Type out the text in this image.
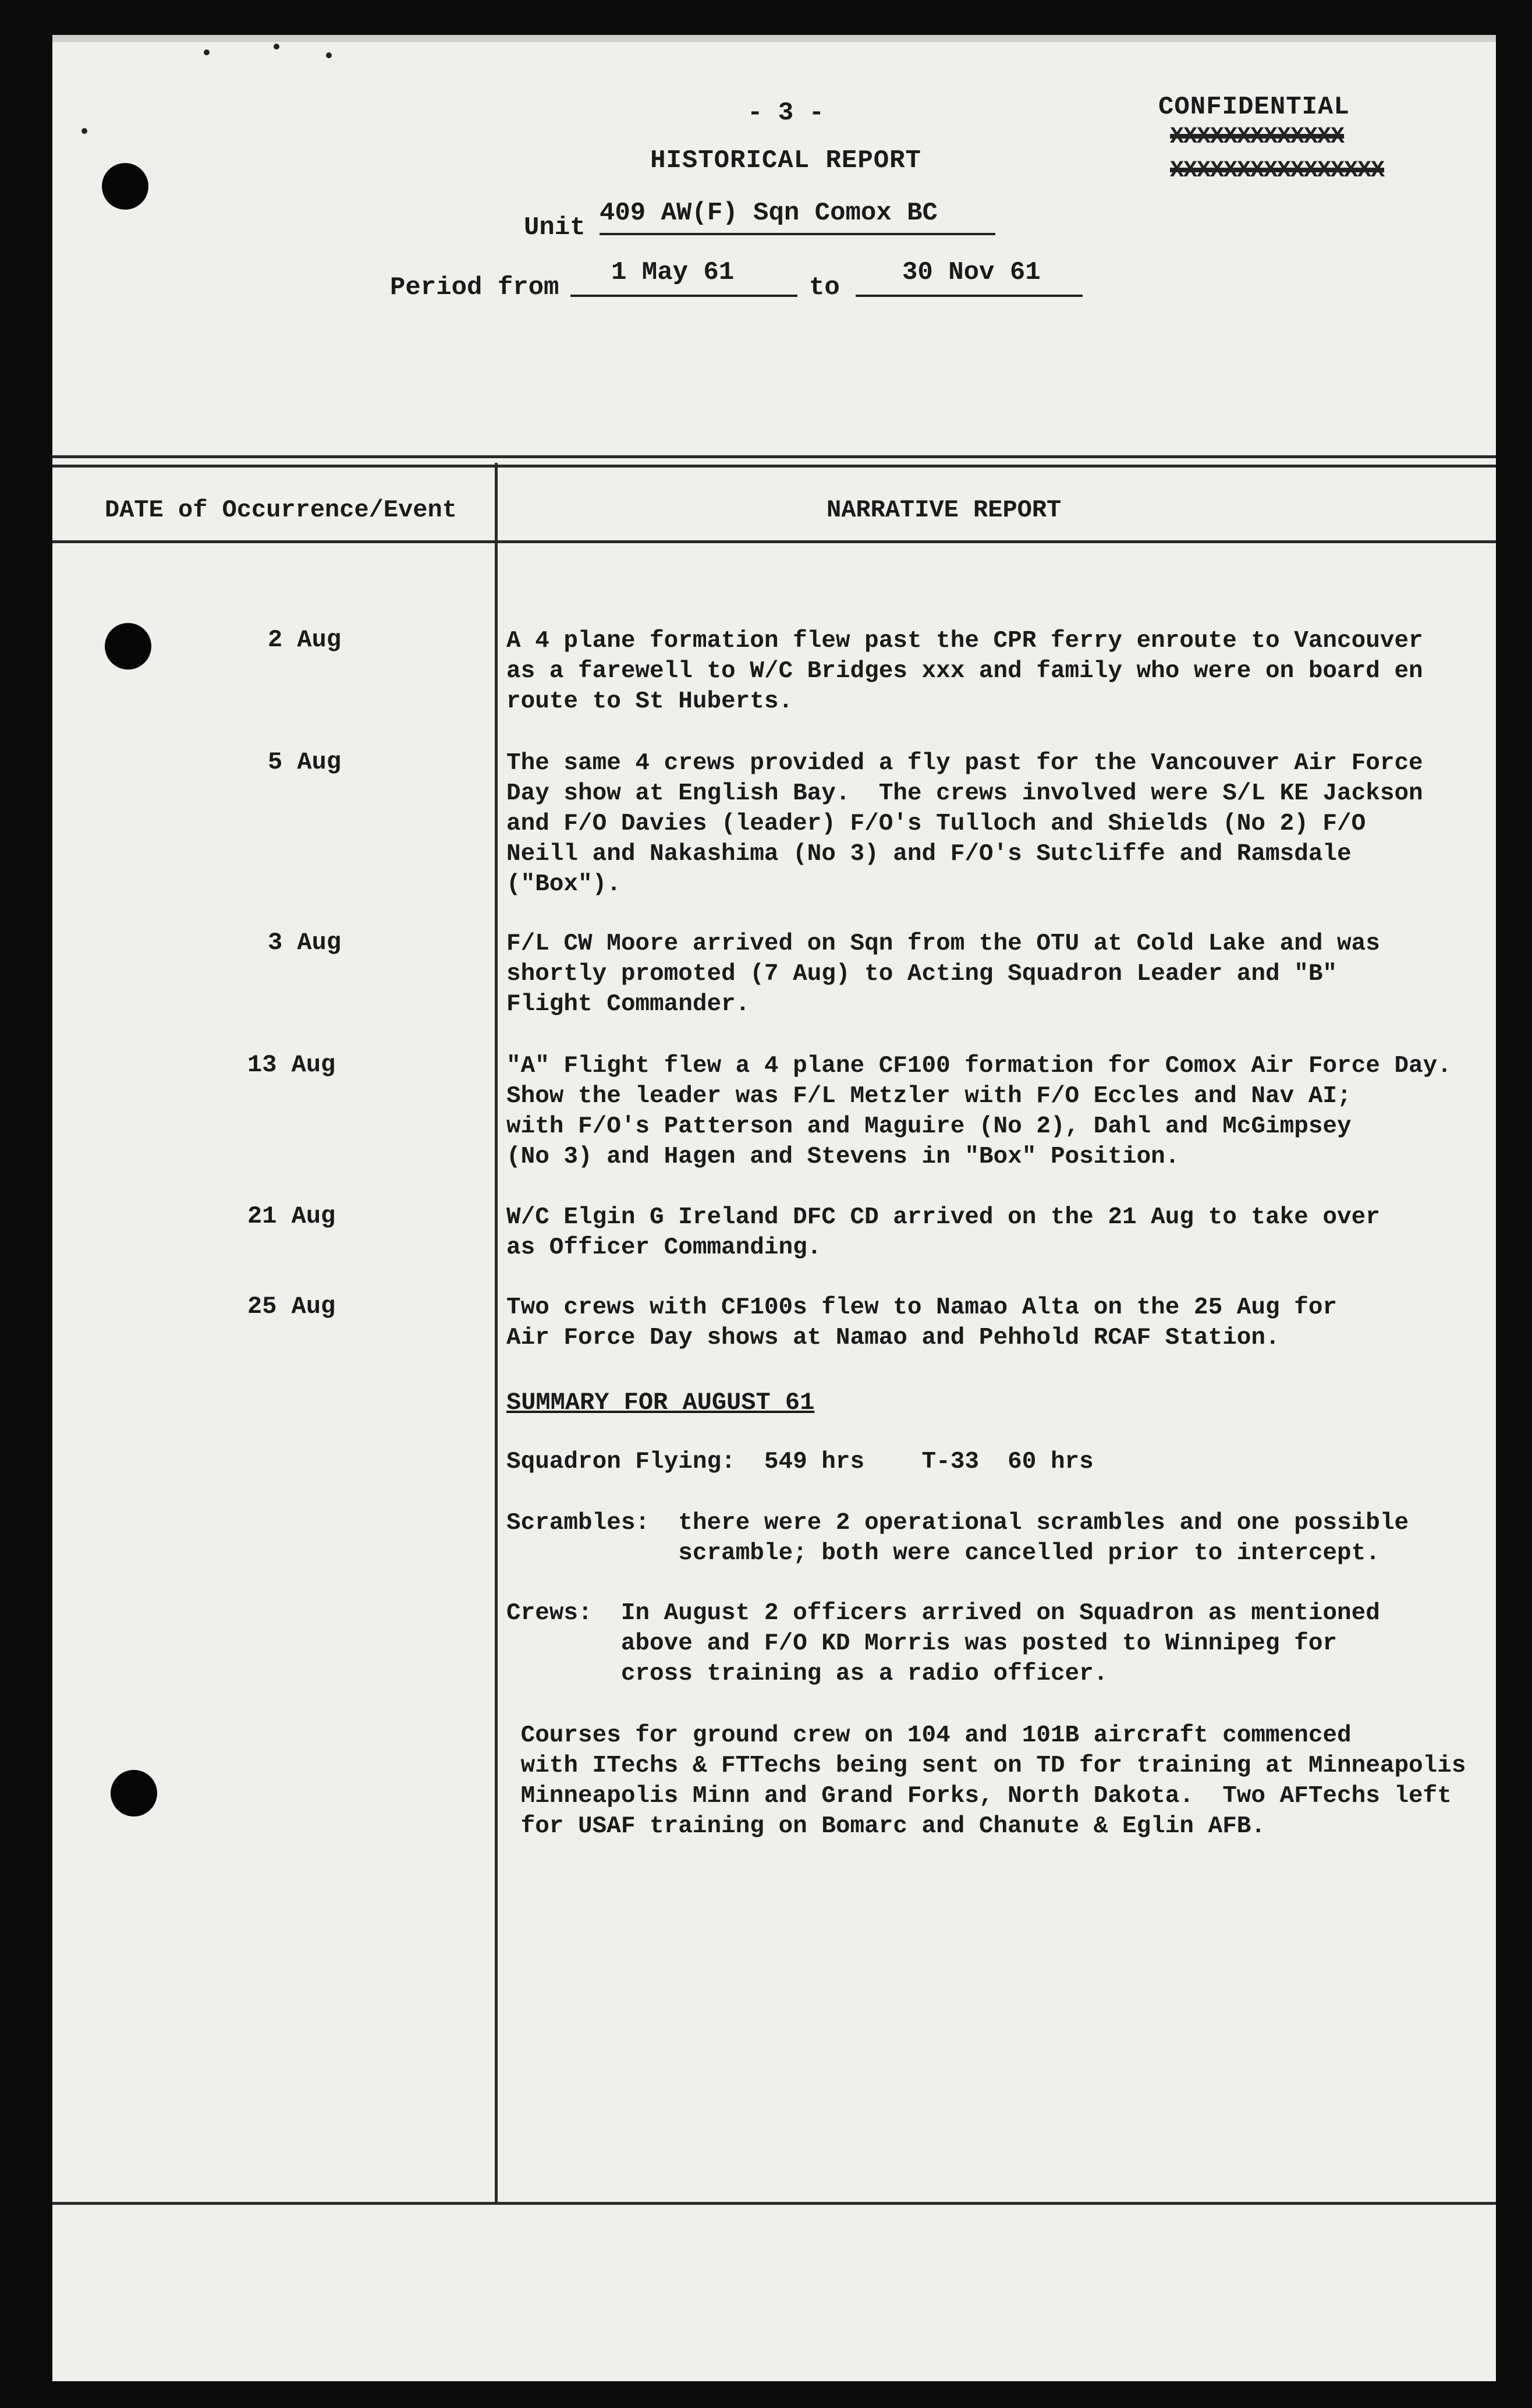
- 3 -
HISTORICAL REPORT
Unit 409 AW(F) Sqn Comox BC
Period from
1 May 61
to
30 Nov 61
CONFIDENTIAL
XXXXXXXXXXXXX
XXXXXXXXXXXXXXXX
DATE of Occurrence/Event	NARRATIVE REPORT
2 Aug	A 4 plane formation flew past the CPR ferry enroute to Vancouver
as a farewell to W/C Bridges xxx and family who were on board en
route to St Huberts.
5 Aug	The same 4 crews provided a fly past for the Vancouver Air Force
Day show at English Bay.  The crews involved were S/L KE Jackson
and F/O Davies (leader) F/O's Tulloch and Shields (No 2) F/O
Neill and Nakashima (No 3) and F/O's Sutcliffe and Ramsdale
("Box").
3 Aug	F/L CW Moore arrived on Sqn from the OTU at Cold Lake and was
shortly promoted (7 Aug) to Acting Squadron Leader and "B"
Flight Commander.
13 Aug	"A" Flight flew a 4 plane CF100 formation for Comox Air Force Day.
Show the leader was F/L Metzler with F/O Eccles and Nav AI;
with F/O's Patterson and Maguire (No 2), Dahl and McGimpsey
(No 3) and Hagen and Stevens in "Box" Position.
21 Aug	W/C Elgin G Ireland DFC CD arrived on the 21 Aug to take over
as Officer Commanding.
25 Aug	Two crews with CF100s flew to Namao Alta on the 25 Aug for
Air Force Day shows at Namao and Pehhold RCAF Station.
SUMMARY FOR AUGUST 61
Squadron Flying:  549 hrs    T-33  60 hrs
Scrambles:  there were 2 operational scrambles and one possible
scramble; both were cancelled prior to intercept.
Crews:  In August 2 officers arrived on Squadron as mentioned
above and F/O KD Morris was posted to Winnipeg for
cross training as a radio officer.
Courses for ground crew on 104 and 101B aircraft commenced
with ITechs & FTTechs being sent on TD for training at Minneapolis
Minneapolis Minn and Grand Forks, North Dakota.  Two AFTechs left
for USAF training on Bomarc and Chanute & Eglin AFB.
